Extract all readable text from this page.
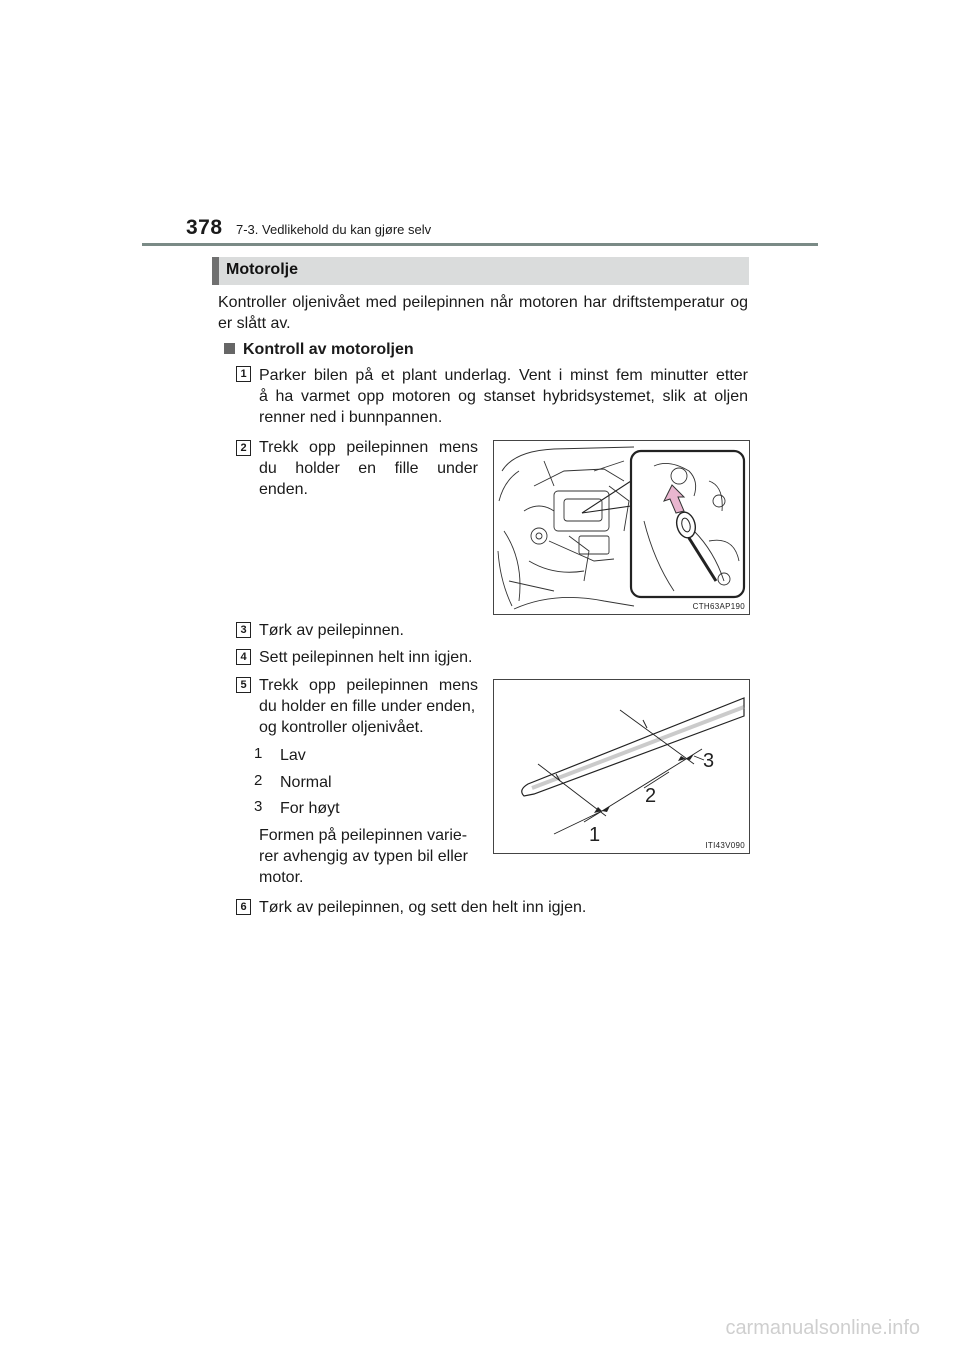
378 7-3. Vedlikehold du kan gjøre selv
Motorolje
Kontroller oljenivået med peilepinnen når motoren har driftstemperatur og er slått av.
Kontroll av motoroljen
1 Parker bilen på et plant underlag. Vent i minst fem minutter etter
å ha varmet opp motoren og stanset hybridsystemet, slik at oljen
renner ned i bunnpannen.
2 Trekk opp peilepinnen mens
du holder en fille under
enden.
CTH63AP190
3 Tørk av peilepinnen.
4 Sett peilepinnen helt inn igjen.
5 Trekk opp peilepinnen mens
du holder en fille under enden,
og kontroller oljenivået.
1 Lav
2 Normal
3 For høyt
Formen på peilepinnen varie-
rer avhengig av typen bil eller
motor.
1
2
3
ITI43V090
6 Tørk av peilepinnen, og sett den helt inn igjen.
carmanualsonline.info
